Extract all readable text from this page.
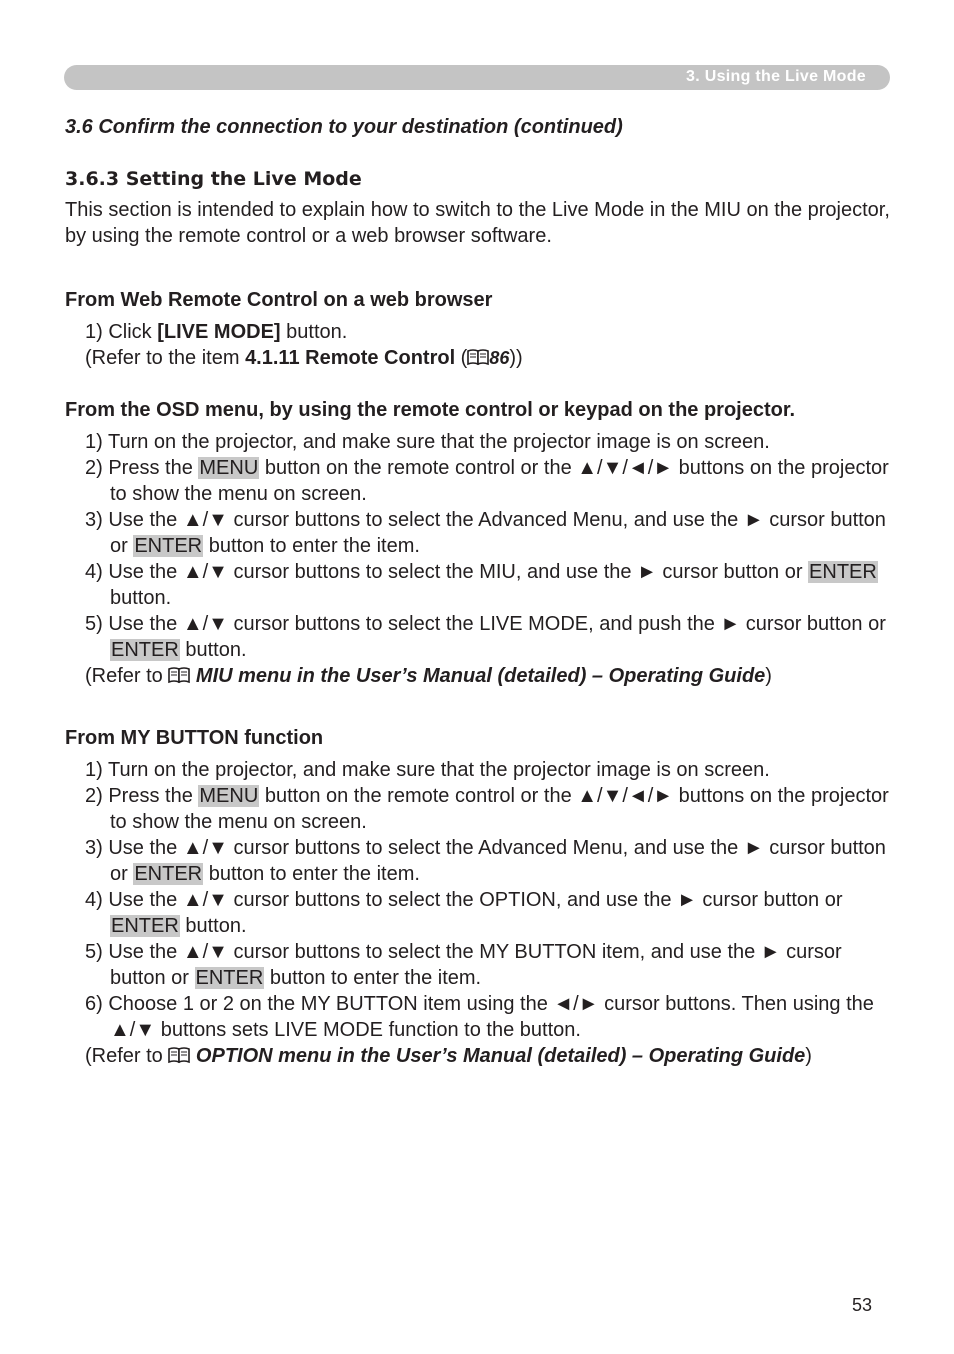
3. Using the Live Mode
3.6 Confirm the connection to your destination (continued)
3.6.3 Setting the Live Mode

This section is intended to explain how to switch to the Live Mode in the MIU on the projector, by using the remote control or a web browser software.

From Web Remote Control on a web browser

1) Click [LIVE MODE] button.

(Refer to the item 4.1.11 Remote Control ( 86))

From the OSD menu, by using the remote control or keypad on the projector.

1) Turn on the projector, and make sure that the projector image is on screen.
2) Press the MENU button on the remote control or the ▲/▼/◄/► buttons on the projector to show the menu on screen.
3) Use the ▲/▼ cursor buttons to select the Advanced Menu, and use the ► cursor button or ENTER button to enter the item.
4) Use the ▲/▼ cursor buttons to select the MIU, and use the ► cursor button or ENTER button.
5) Use the ▲/▼ cursor buttons to select the LIVE MODE, and push the ► cursor button or ENTER button.

(Refer to  MIU menu in the User’s Manual (detailed) – Operating Guide)

From MY BUTTON function

1) Turn on the projector, and make sure that the projector image is on screen.
2) Press the MENU button on the remote control or the ▲/▼/◄/► buttons on the projector to show the menu on screen.
3) Use the ▲/▼ cursor buttons to select the Advanced Menu, and use the ► cursor button or ENTER button to enter the item.
4) Use the ▲/▼ cursor buttons to select the OPTION, and use the ► cursor button or ENTER button.
5) Use the ▲/▼ cursor buttons to select the MY BUTTON item, and use the ► cursor button or ENTER button to enter the item.
6) Choose 1 or 2 on the MY BUTTON item using the ◄/► cursor buttons. Then using the ▲/▼ buttons sets LIVE MODE function to the button.

(Refer to  OPTION menu in the User’s Manual (detailed) – Operating Guide)

53
